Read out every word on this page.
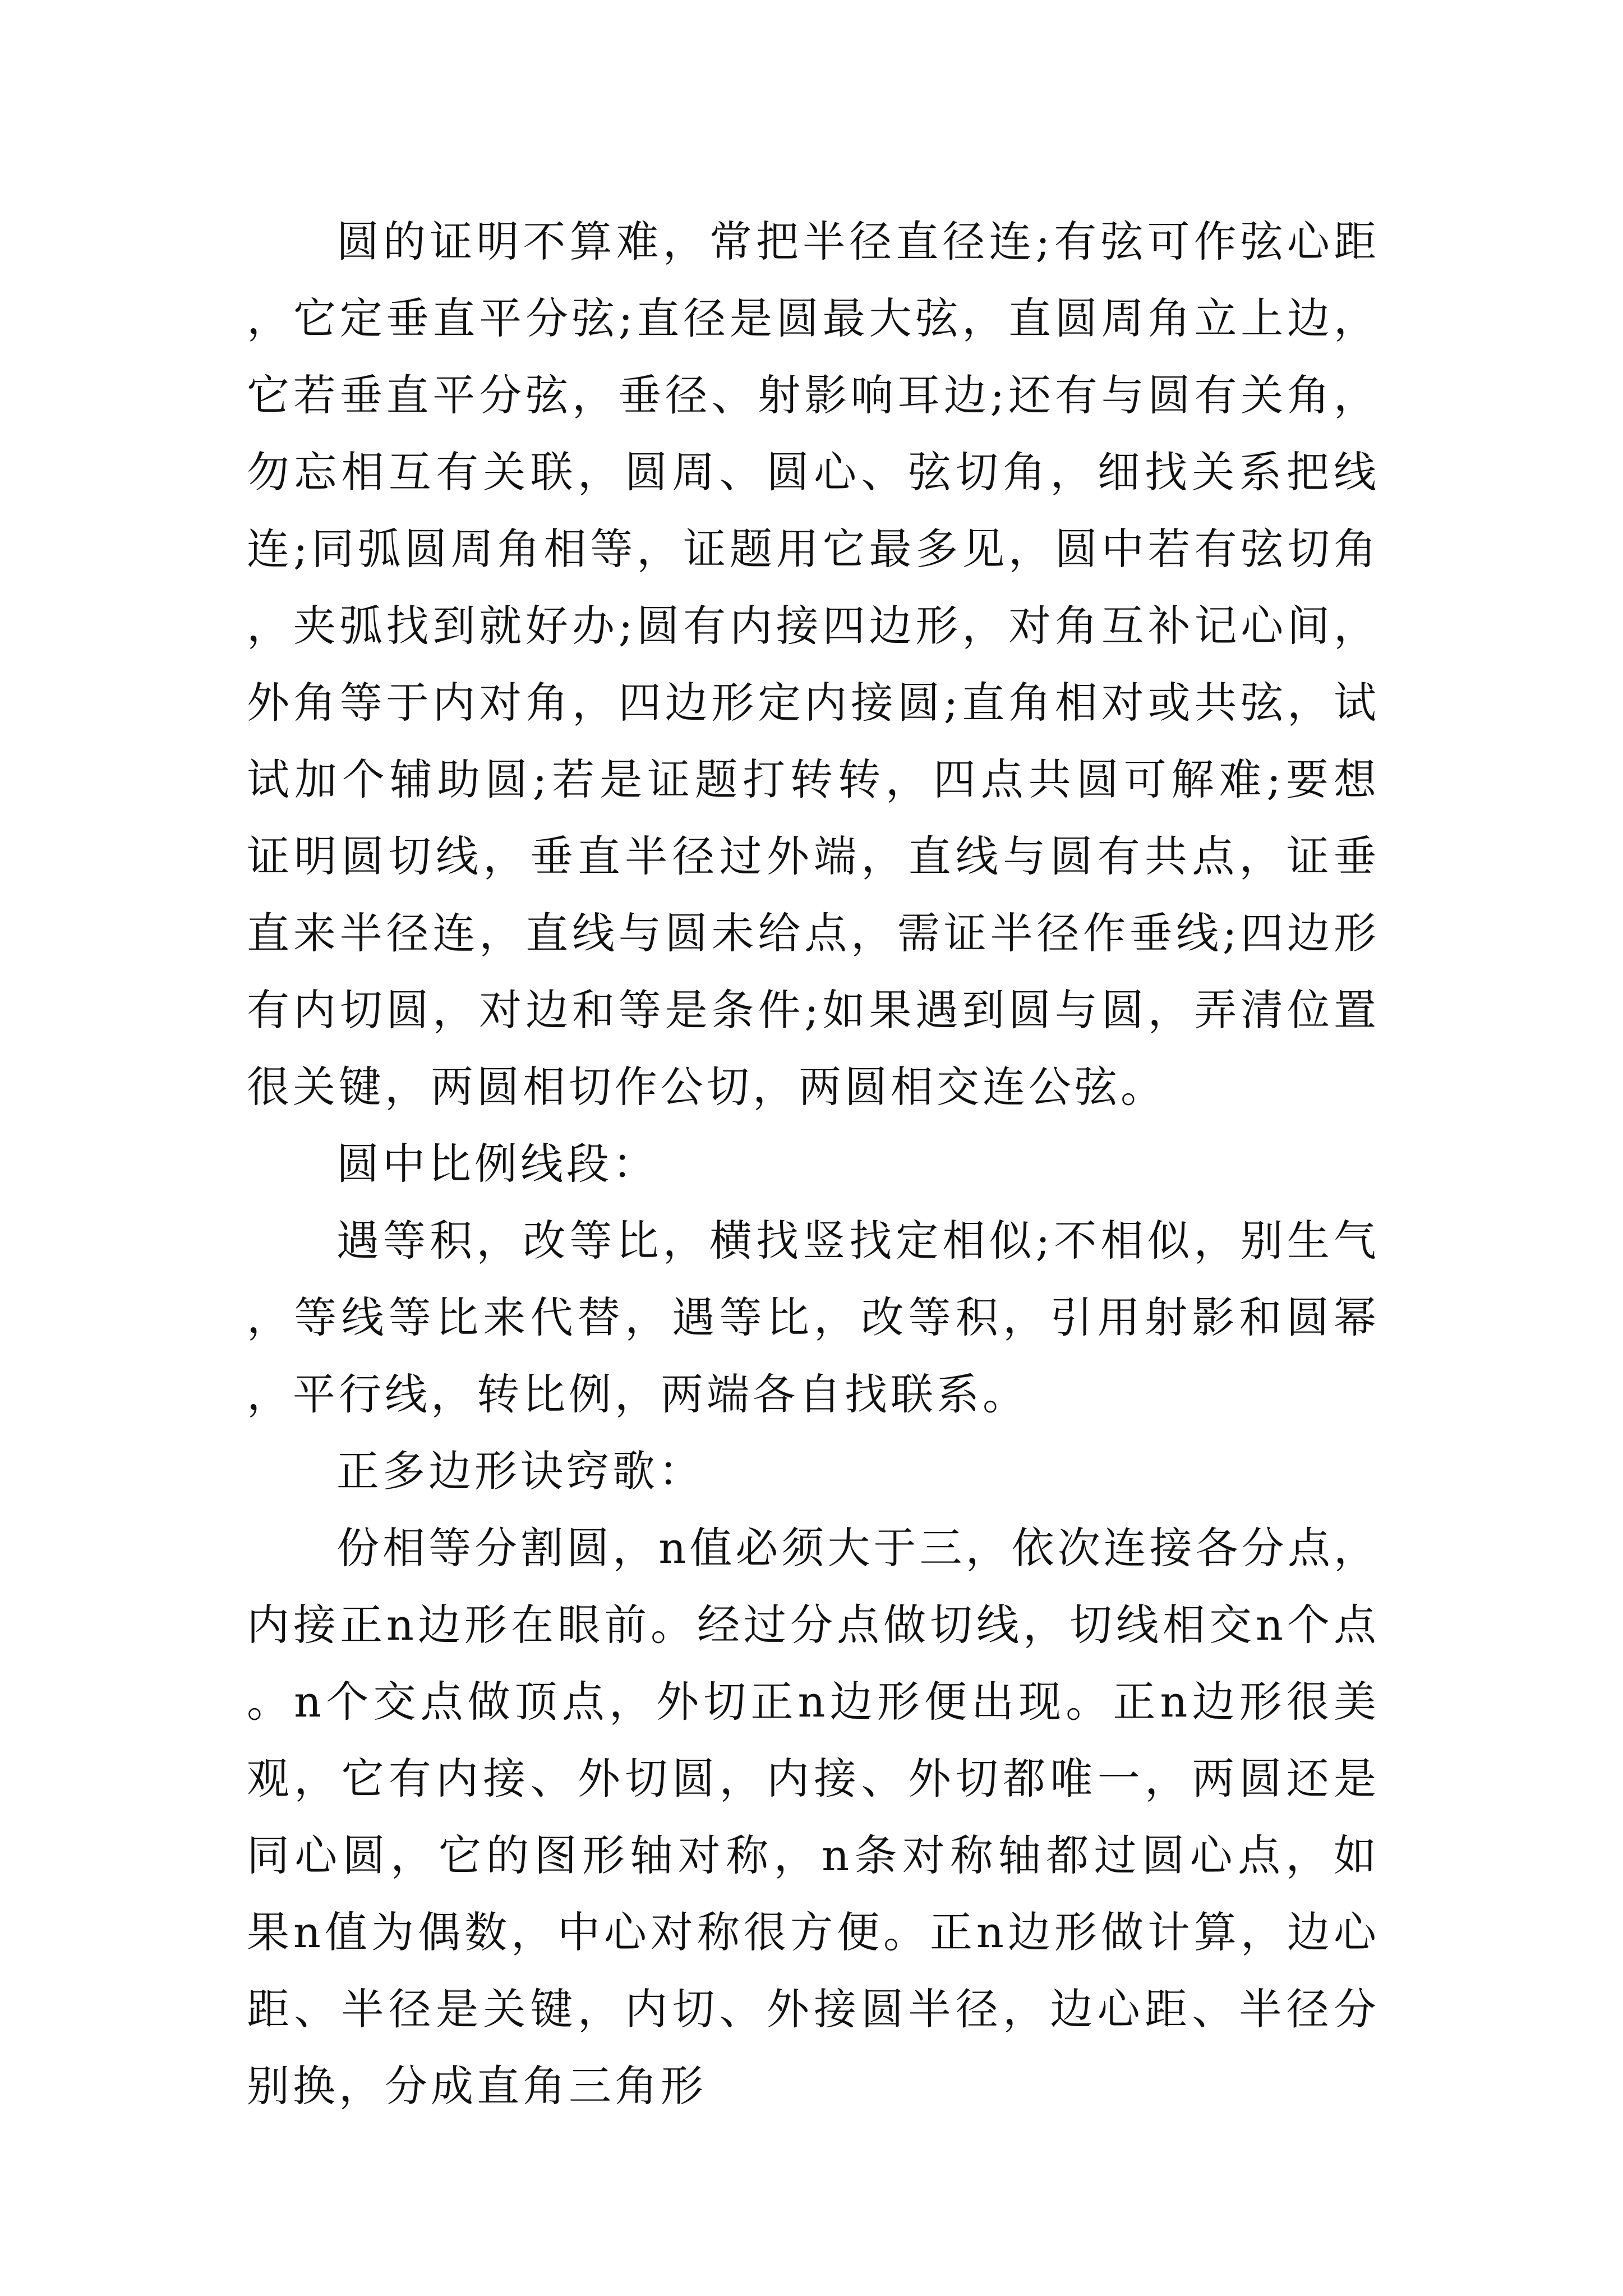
圆的证明不算难，常把半径直径连;有弦可作弦心距，它定垂直平分弦;直径是圆最大弦，直圆周角立上边，它若垂直平分弦，垂径、射影响耳边;还有与圆有关角，勿忘相互有关联，圆周、圆心、弦切角，细找关系把线连;同弧圆周角相等，证题用它最多见，圆中若有弦切角，夹弧找到就好办;圆有内接四边形，对角互补记心间，外角等于内对角，四边形定内接圆;直角相对或共弦，试试加个辅助圆;若是证题打转转，四点共圆可解难;要想证明圆切线，垂直半径过外端，直线与圆有共点，证垂直来半径连，直线与圆未给点，需证半径作垂线;四边形有内切圆，对边和等是条件;如果遇到圆与圆，弄清位置很关键，两圆相切作公切，两圆相交连公弦。

圆中比例线段：

遇等积，改等比，横找竖找定相似;不相似，别生气，等线等比来代替，遇等比，改等积，引用射影和圆幂，平行线，转比例，两端各自找联系。

正多边形诀窍歌：

份相等分割圆，n值必须大于三，依次连接各分点，内接正n边形在眼前。经过分点做切线，切线相交n个点。n个交点做顶点，外切正n边形便出现。正n边形很美观，它有内接、外切圆，内接、外切都唯一，两圆还是同心圆，它的图形轴对称，n条对称轴都过圆心点，如果n值为偶数，中心对称很方便。正n边形做计算，边心距、半径是关键，内切、外接圆半径，边心距、半径分别换，分成直角三角形
